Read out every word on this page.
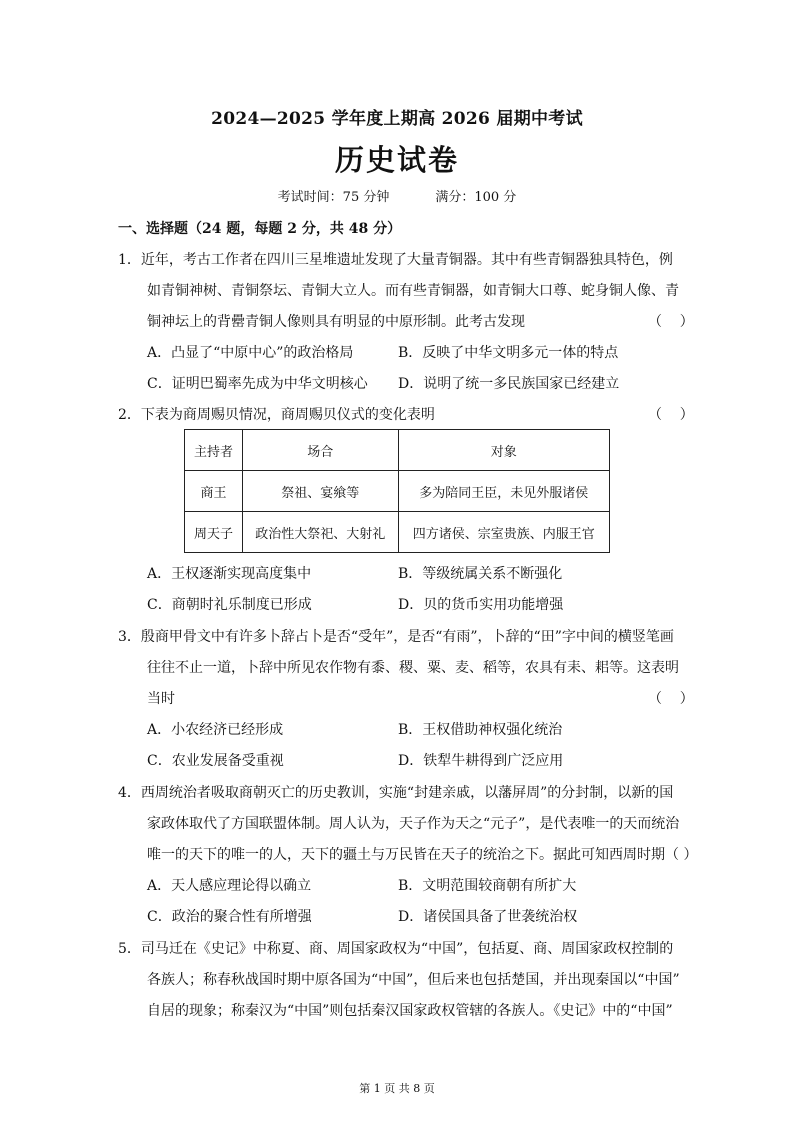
2024—2025 学年度上期高 2026 届期中考试
历史试卷
考试时间：75 分钟	满分：100 分
一、选择题（24 题，每题 2 分，共 48 分）
1．近年，考古工作者在四川三星堆遗址发现了大量青铜器。其中有些青铜器独具特色，例
如青铜神树、青铜祭坛、青铜大立人。而有些青铜器，如青铜大口尊、蛇身铜人像、青
铜神坛上的背罍青铜人像则具有明显的中原形制。此考古发现	（    ）
A．凸显了“中原中心”的政治格局	B．反映了中华文明多元一体的特点
C．证明巴蜀率先成为中华文明核心 D．说明了统一多民族国家已经建立
2．下表为商周赐贝情况，商周赐贝仪式的变化表明	（    ）
主持者	场合	对象
商王	祭祖、宴飨等	多为陪同王臣，未见外服诸侯
周天子	政治性大祭祀、大射礼	四方诸侯、宗室贵族、内服王官
A．王权逐渐实现高度集中	B．等级统属关系不断强化
C．商朝时礼乐制度已形成	D．贝的货币实用功能增强
3．殷商甲骨文中有许多卜辞占卜是否“受年”，是否“有雨”，卜辞的“田”字中间的横竖笔画
往往不止一道，卜辞中所见农作物有黍、稷、粟、麦、稻等，农具有耒、耜等。这表明
当时	（    ）
A．小农经济已经形成	B．王权借助神权强化统治
C．农业发展备受重视	D．铁犁牛耕得到广泛应用
4．西周统治者吸取商朝灭亡的历史教训，实施“封建亲戚，以藩屏周”的分封制，以新的国
家政体取代了方国联盟体制。周人认为，天子作为天之“元子”，是代表唯一的天而统治
唯一的天下的唯一的人，天下的疆土与万民皆在天子的统治之下。据此可知西周时期（ ）
A．天人感应理论得以确立	B．文明范围较商朝有所扩大
C．政治的聚合性有所增强	D．诸侯国具备了世袭统治权
5．司马迁在《史记》中称夏、商、周国家政权为“中国”，包括夏、商、周国家政权控制的
各族人；称春秋战国时期中原各国为“中国”，但后来也包括楚国，并出现秦国以“中国”
自居的现象；称秦汉为“中国”则包括秦汉国家政权管辖的各族人。《史记》中的“中国”
第 1 页 共 8 页
